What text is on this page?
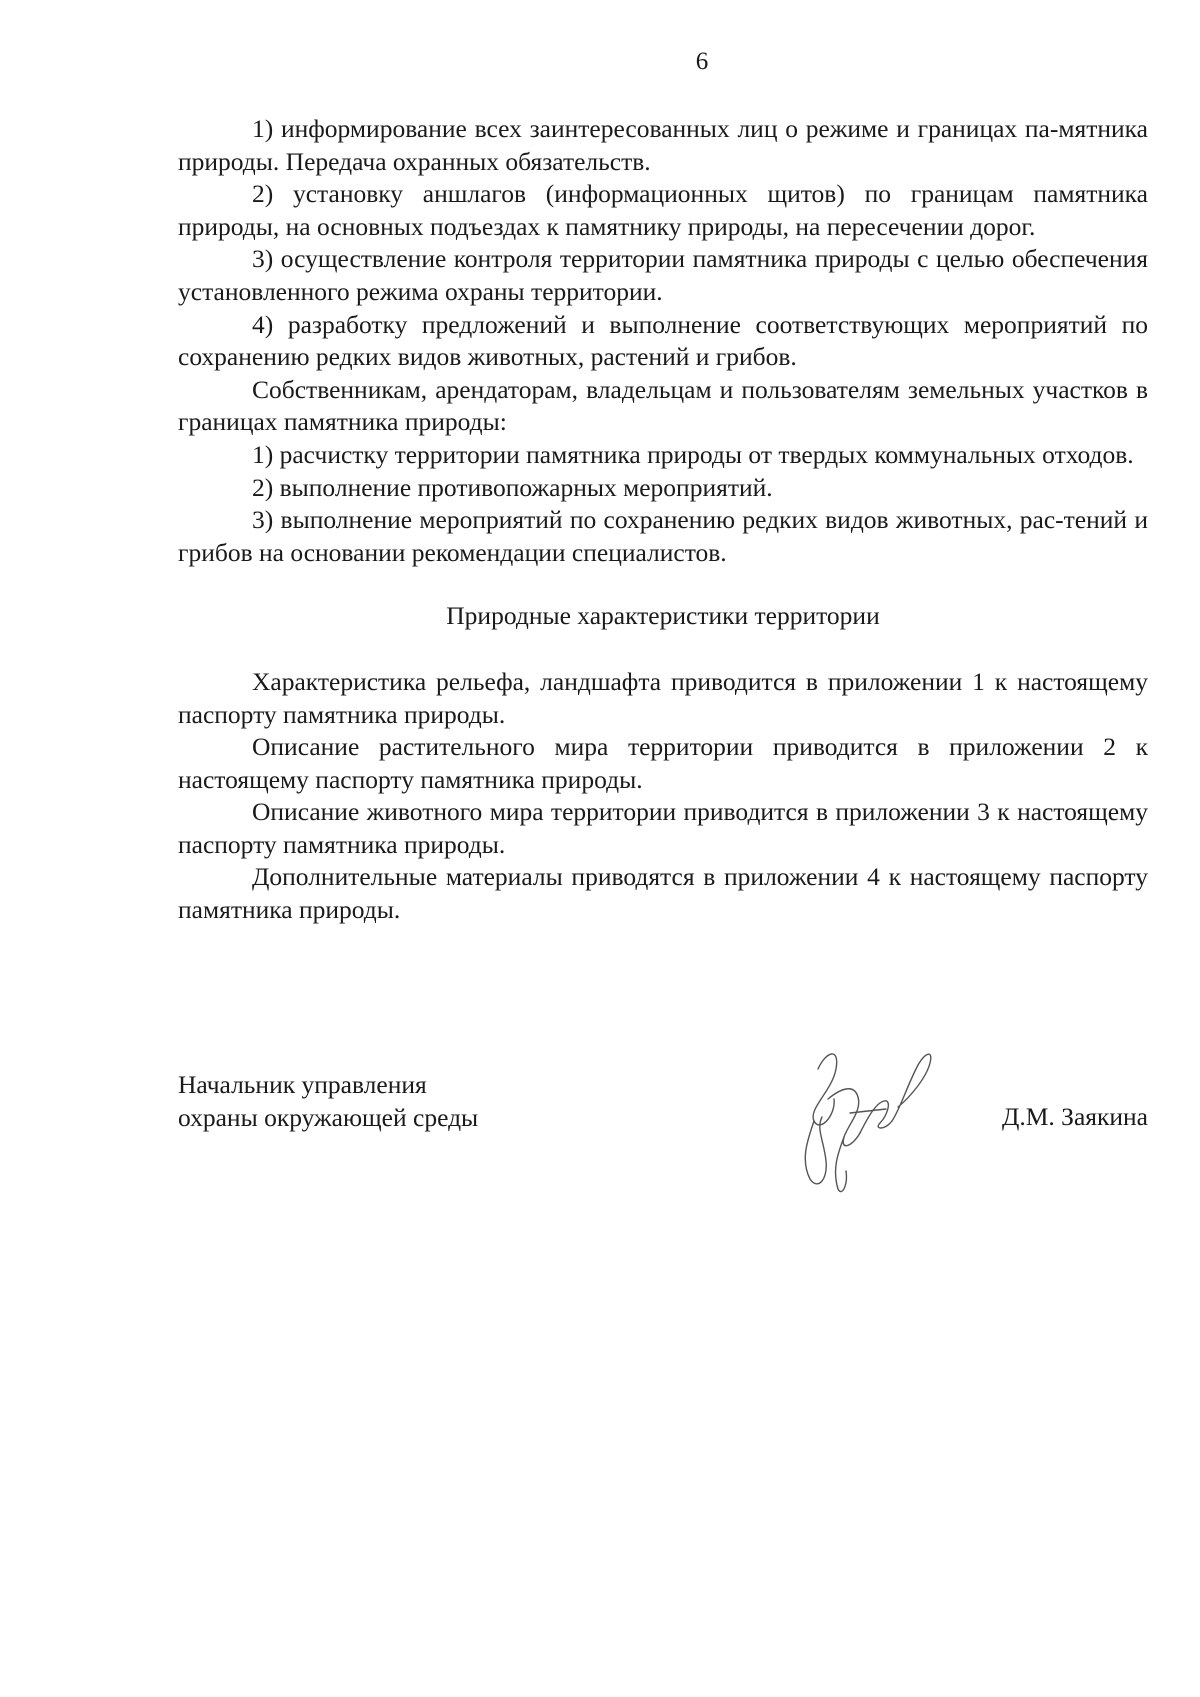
6

1) информирование всех заинтересованных лиц о режиме и границах па-мятника природы. Передача охранных обязательств.

2) установку аншлагов (информационных щитов) по границам памятника природы, на основных подъездах к памятнику природы, на пересечении дорог.

3) осуществление контроля территории памятника природы с целью обеспечения установленного режима охраны территории.

4) разработку предложений и выполнение соответствующих мероприятий по сохранению редких видов животных, растений и грибов.

Собственникам, арендаторам, владельцам и пользователям земельных участков в границах памятника природы:

1) расчистку территории памятника природы от твердых коммунальных отходов.

2) выполнение противопожарных мероприятий.

3) выполнение мероприятий по сохранению редких видов животных, рас-тений и грибов на основании рекомендации специалистов.

Природные характеристики территории

Характеристика рельефа, ландшафта приводится в приложении 1 к настоящему паспорту памятника природы.

Описание растительного мира территории приводится в приложении 2 к настоящему паспорту памятника природы.

Описание животного мира территории приводится в приложении 3 к настоящему паспорту памятника природы.

Дополнительные материалы приводятся в приложении 4 к настоящему паспорту памятника природы.

Начальник управления
охраны окружающей среды	Д.М. Заякина
